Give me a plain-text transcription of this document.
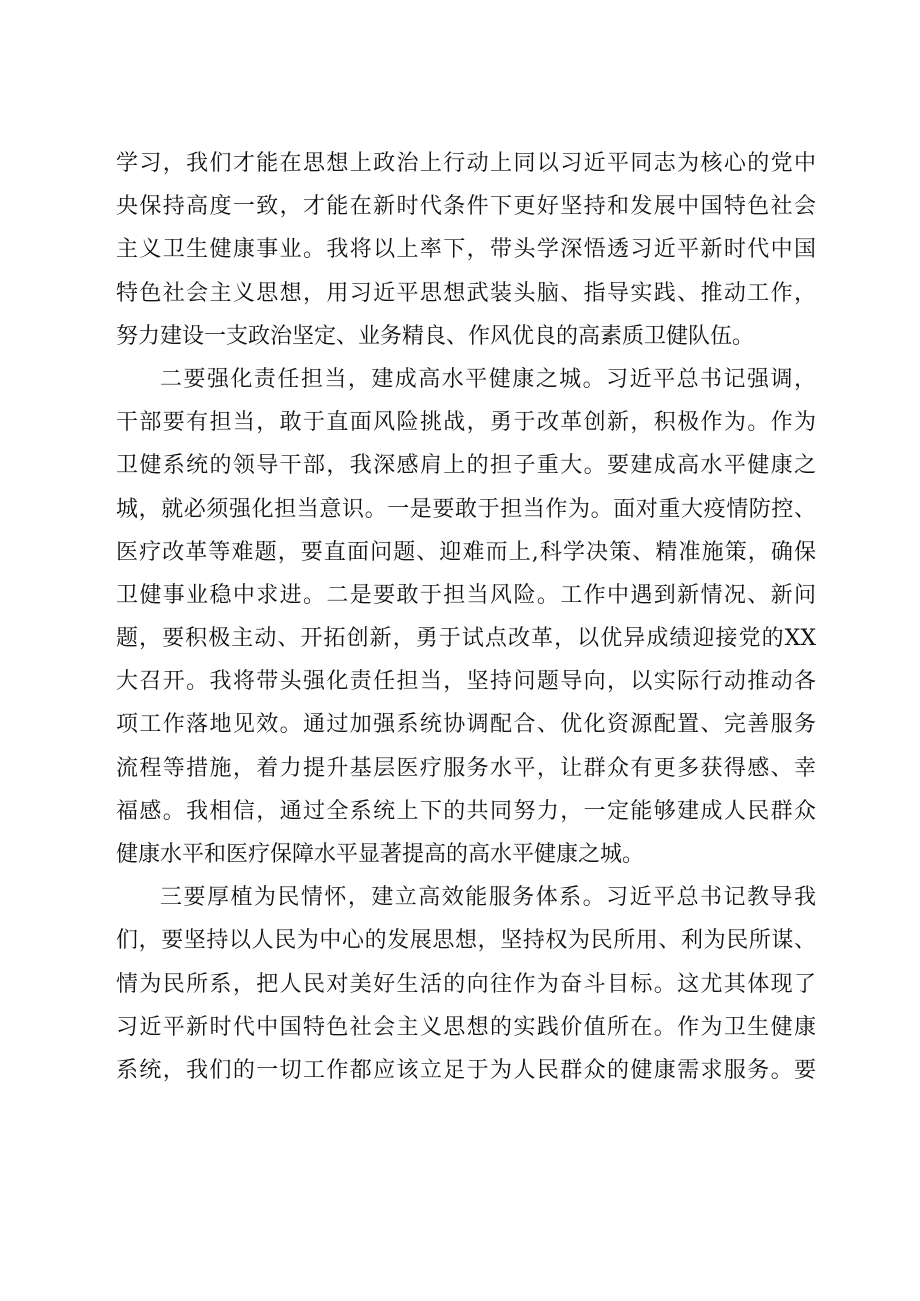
学习，我们才能在思想上政治上行动上同以习近平同志为核心的党中
央保持高度一致，才能在新时代条件下更好坚持和发展中国特色社会
主义卫生健康事业。我将以上率下，带头学深悟透习近平新时代中国
特色社会主义思想，用习近平思想武装头脑、指导实践、推动工作，
努力建设一支政治坚定、业务精良、作风优良的高素质卫健队伍。
二要强化责任担当，建成高水平健康之城。习近平总书记强调，
干部要有担当，敢于直面风险挑战，勇于改革创新，积极作为。作为
卫健系统的领导干部，我深感肩上的担子重大。要建成高水平健康之
城，就必须强化担当意识。一是要敢于担当作为。面对重大疫情防控、
医疗改革等难题，要直面问题、迎难而上,科学决策、精准施策，确保
卫健事业稳中求进。二是要敢于担当风险。工作中遇到新情况、新问
题，要积极主动、开拓创新，勇于试点改革，以优异成绩迎接党的XX
大召开。我将带头强化责任担当，坚持问题导向，以实际行动推动各
项工作落地见效。通过加强系统协调配合、优化资源配置、完善服务
流程等措施，着力提升基层医疗服务水平，让群众有更多获得感、幸
福感。我相信，通过全系统上下的共同努力，一定能够建成人民群众
健康水平和医疗保障水平显著提高的高水平健康之城。
三要厚植为民情怀，建立高效能服务体系。习近平总书记教导我
们，要坚持以人民为中心的发展思想，坚持权为民所用、利为民所谋、
情为民所系，把人民对美好生活的向往作为奋斗目标。这尤其体现了
习近平新时代中国特色社会主义思想的实践价值所在。作为卫生健康
系统，我们的一切工作都应该立足于为人民群众的健康需求服务。要
